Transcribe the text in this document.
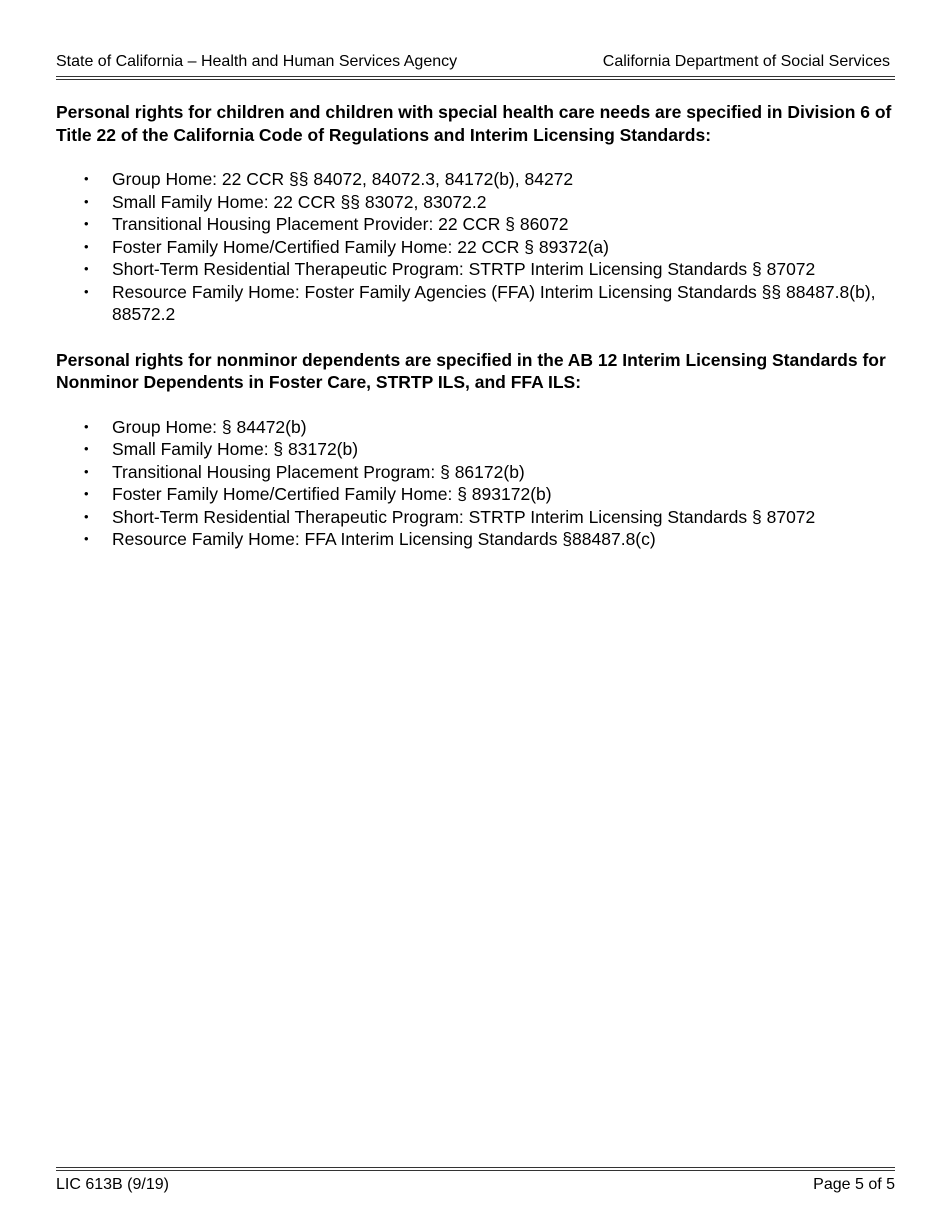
State of California – Health and Human Services Agency	California Department of Social Services

Personal rights for children and children with special health care needs are specified in Division 6 of Title 22 of the California Code of Regulations and Interim Licensing Standards:

• Group Home: 22 CCR §§ 84072, 84072.3, 84172(b), 84272
• Small Family Home: 22 CCR §§ 83072, 83072.2
• Transitional Housing Placement Provider: 22 CCR § 86072
• Foster Family Home/Certified Family Home: 22 CCR § 89372(a)
• Short-Term Residential Therapeutic Program: STRTP Interim Licensing Standards § 87072
• Resource Family Home: Foster Family Agencies (FFA) Interim Licensing Standards §§ 88487.8(b), 88572.2

Personal rights for nonminor dependents are specified in the AB 12 Interim Licensing Standards for Nonminor Dependents in Foster Care, STRTP ILS, and FFA ILS:

• Group Home: § 84472(b)
• Small Family Home: § 83172(b)
• Transitional Housing Placement Program: § 86172(b)
• Foster Family Home/Certified Family Home: § 893172(b)
• Short-Term Residential Therapeutic Program: STRTP Interim Licensing Standards § 87072
• Resource Family Home: FFA Interim Licensing Standards §88487.8(c)
LIC 613B (9/19)	Page 5 of 5
